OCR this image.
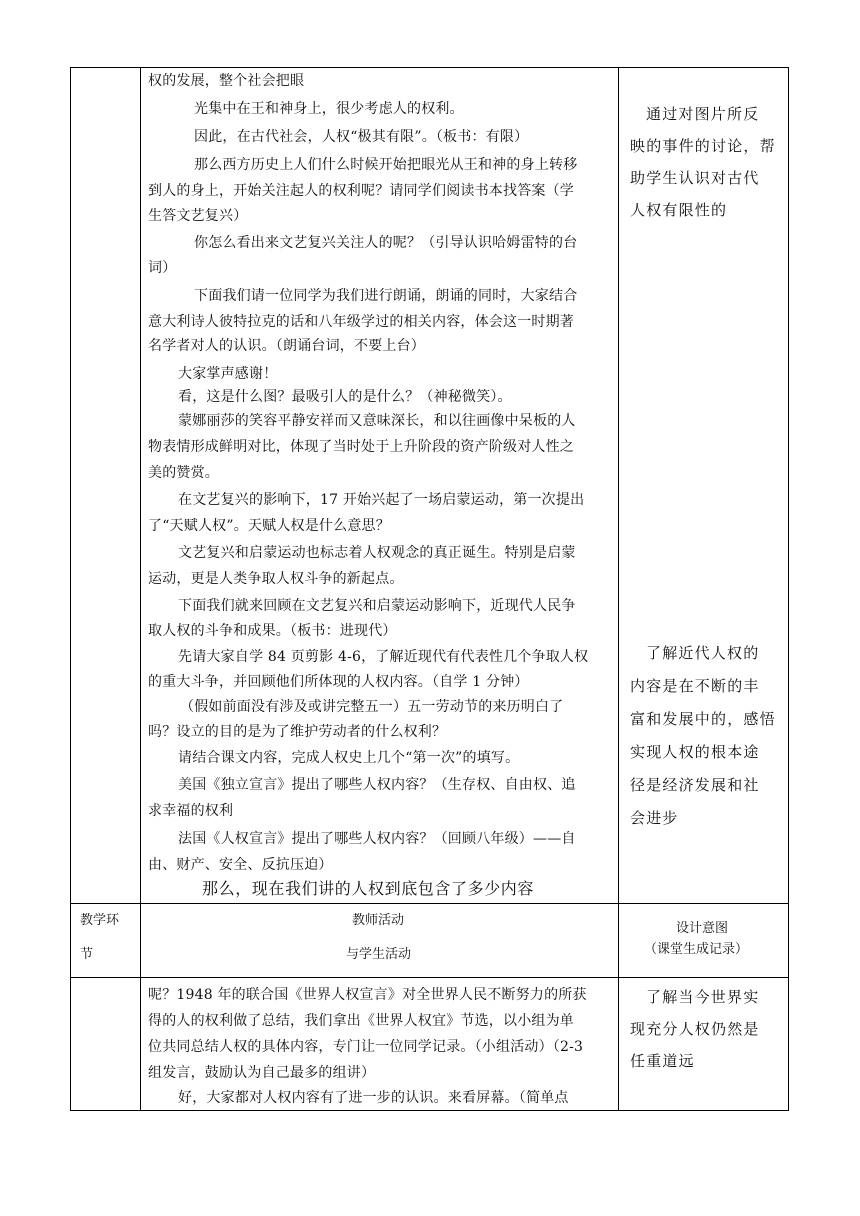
权的发展，整个社会把眼
光集中在王和神身上，很少考虑人的权利。
因此，在古代社会，人权“极其有限”。（板书：有限）
那么西方历史上人们什么时候开始把眼光从王和神的身上转移
到人的身上，开始关注起人的权利呢？请同学们阅读书本找答案（学
生答文艺复兴）
你怎么看出来文艺复兴关注人的呢？（引导认识哈姆雷特的台
词）
下面我们请一位同学为我们进行朗诵，朗诵的同时，大家结合
意大利诗人彼特拉克的话和八年级学过的相关内容，体会这一时期著
名学者对人的认识。（朗诵台词，不要上台）
大家掌声感谢！
看，这是什么图？最吸引人的是什么？（神秘微笑）。
蒙娜丽莎的笑容平静安祥而又意味深长，和以往画像中呆板的人
物表情形成鲜明对比，体现了当时处于上升阶段的资产阶级对人性之
美的赞赏。
在文艺复兴的影响下，17 开始兴起了一场启蒙运动，第一次提出
了“天赋人权”。天赋人权是什么意思？
文艺复兴和启蒙运动也标志着人权观念的真正诞生。特别是启蒙
运动，更是人类争取人权斗争的新起点。
下面我们就来回顾在文艺复兴和启蒙运动影响下，近现代人民争
取人权的斗争和成果。（板书：进现代）
先请大家自学 84 页剪影 4-6，了解近现代有代表性几个争取人权
的重大斗争，并回顾他们所体现的人权内容。（自学 1 分钟）
（假如前面没有涉及或讲完整五一）五一劳动节的来历明白了
吗？设立的目的是为了维护劳动者的什么权利？
请结合课文内容，完成人权史上几个“第一次”的填写。
美国《独立宣言》提出了哪些人权内容？（生存权、自由权、追
求幸福的权利
法国《人权宣言》提出了哪些人权内容？（回顾八年级）——自
由、财产、安全、反抗压迫）
那么，现在我们讲的人权到底包含了多少内容
通过对图片所反
映的事件的讨论，帮
助学生认识对古代
人权有限性的
了解近代人权的
内容是在不断的丰
富和发展中的，感悟
实现人权的根本途
径是经济发展和社
会进步
教学环
节
教师活动
与学生活动
设计意图
（课堂生成记录）
呢？1948 年的联合国《世界人权宣言》对全世界人民不断努力的所获
得的人的权利做了总结，我们拿出《世界人权宜》节选，以小组为单
位共同总结人权的具体内容，专门让一位同学记录。（小组活动）（2-3
组发言，鼓励认为自己最多的组讲）
好，大家都对人权内容有了进一步的认识。来看屏幕。（简单点
了解当今世界实
现充分人权仍然是
任重道远
